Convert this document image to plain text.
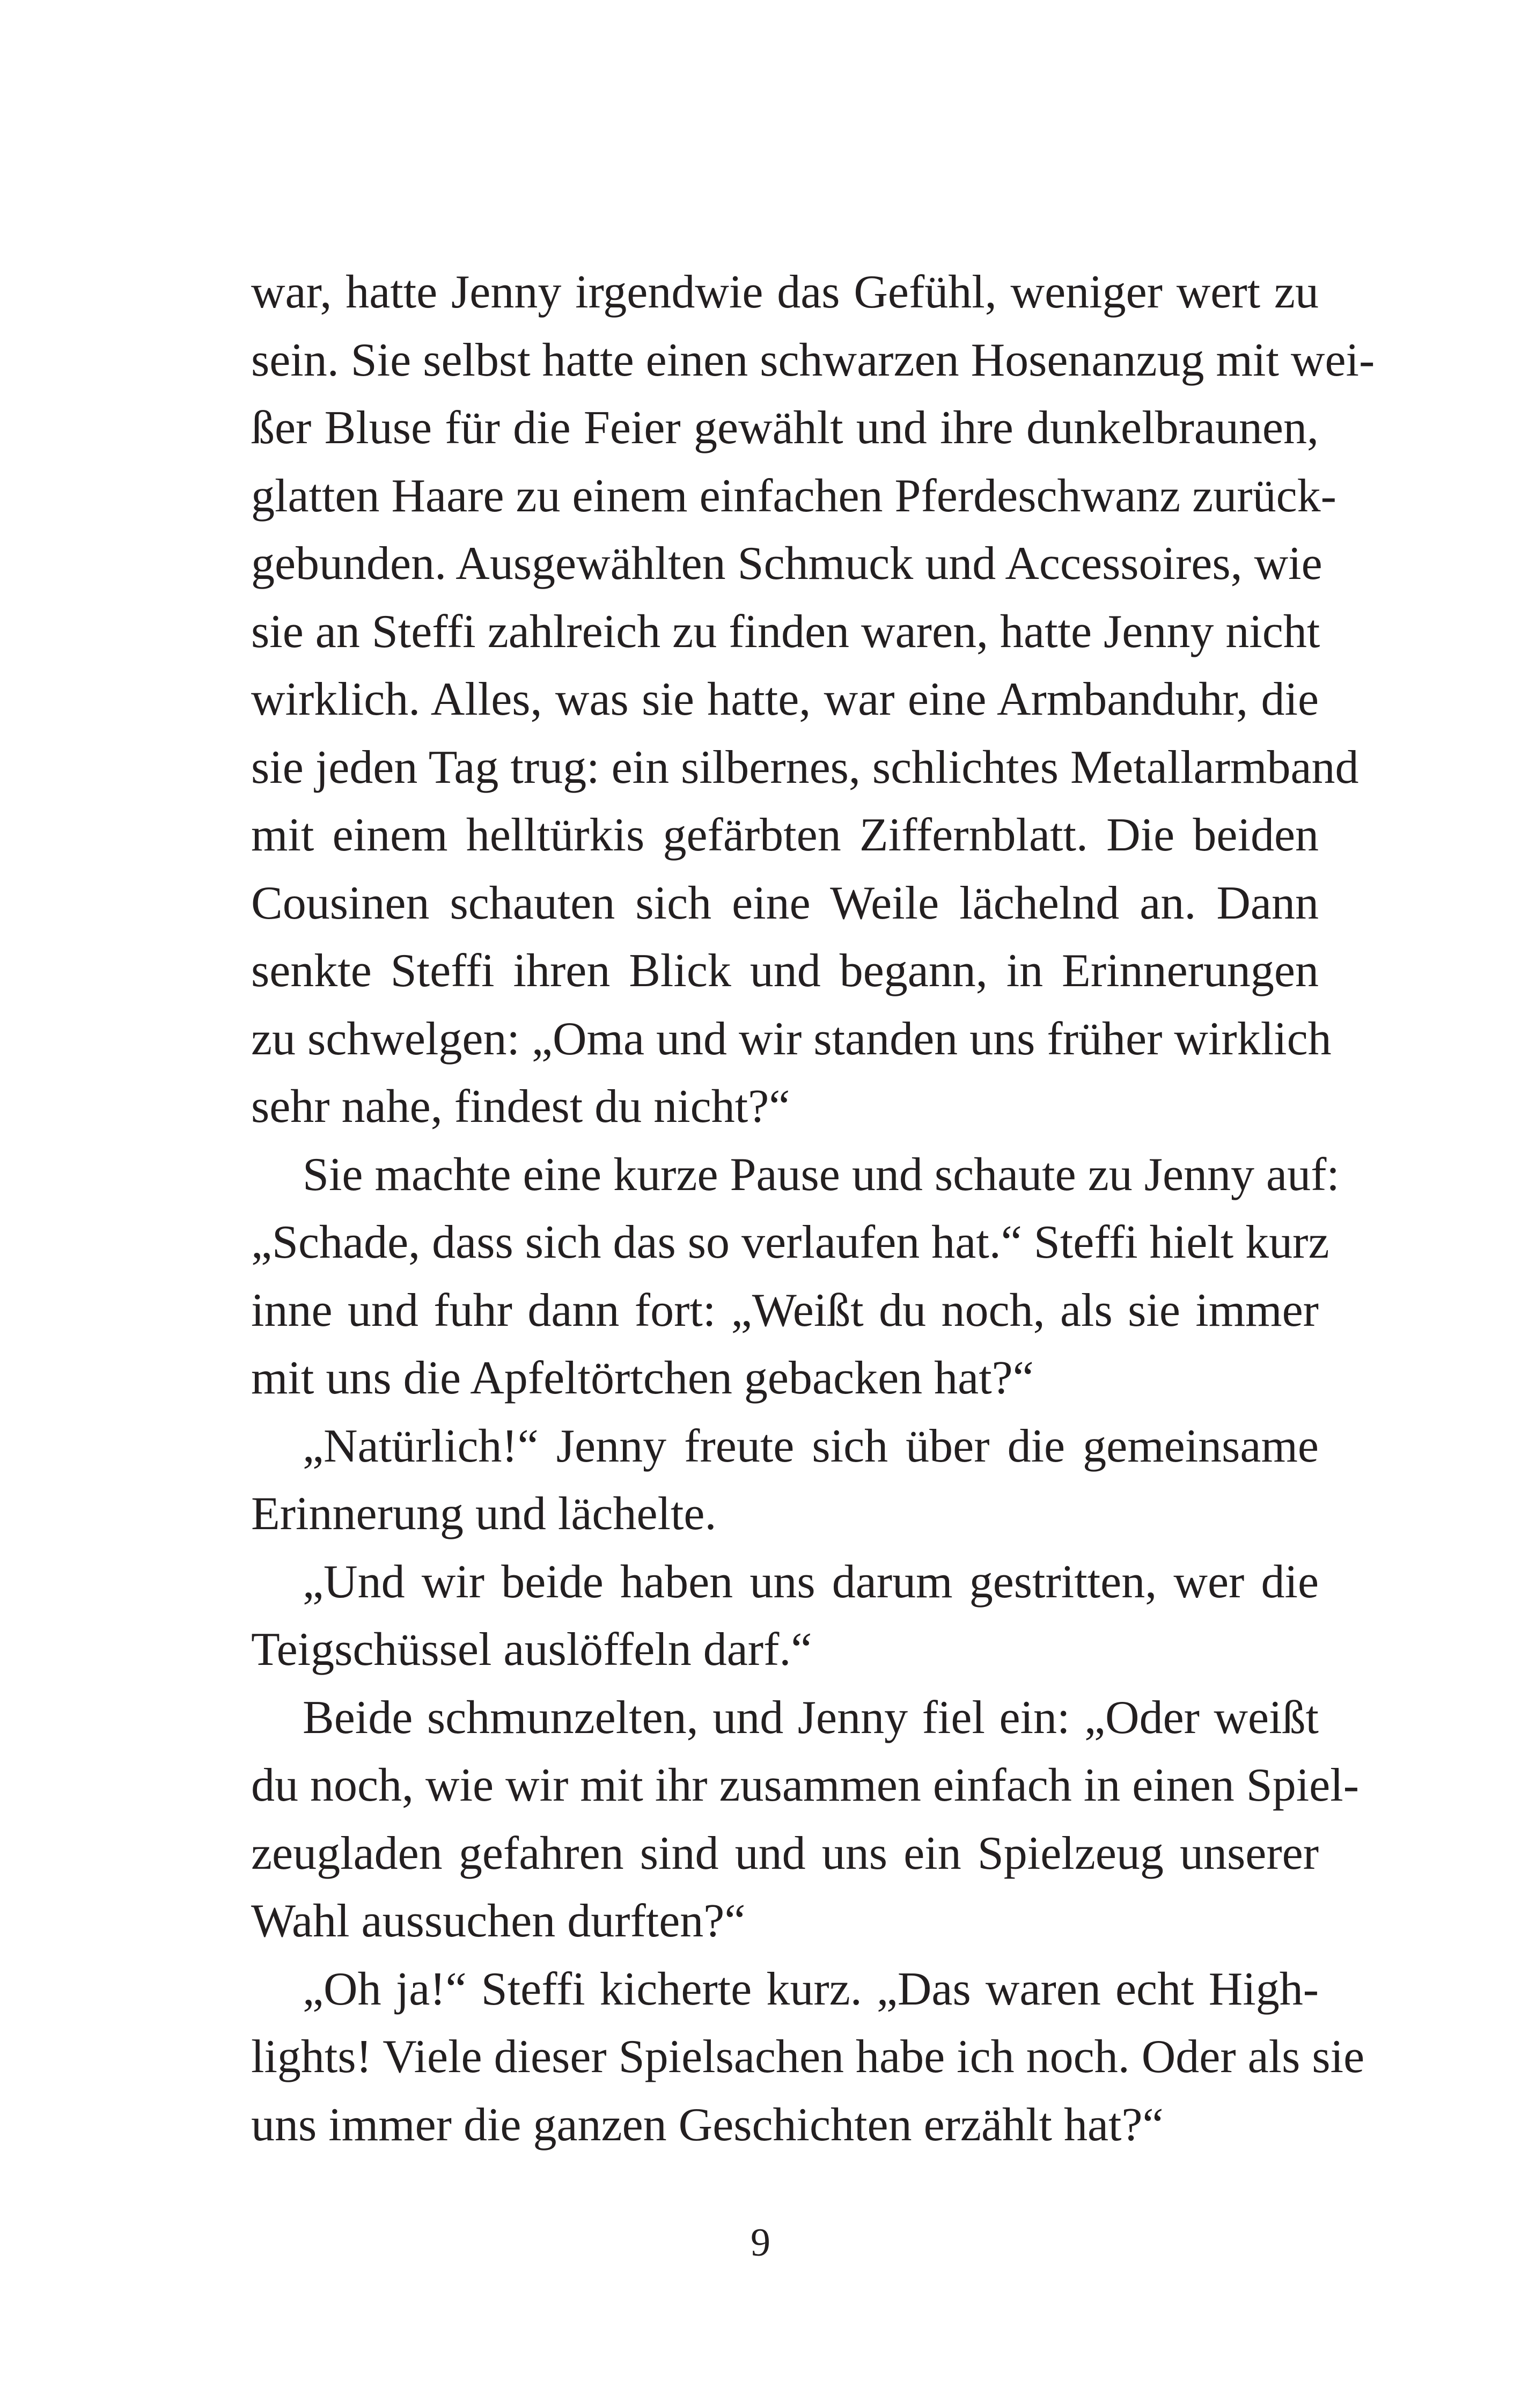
war, hatte Jenny irgendwie das Gefühl, weniger wert zu
sein. Sie selbst hatte einen schwarzen Hosenanzug mit wei-
ßer Bluse für die Feier gewählt und ihre dunkelbraunen,
glatten Haare zu einem einfachen Pferdeschwanz zurück-
gebunden. Ausgewählten Schmuck und Accessoires, wie
sie an Steffi zahlreich zu finden waren, hatte Jenny nicht
wirklich. Alles, was sie hatte, war eine Armbanduhr, die
sie jeden Tag trug: ein silbernes, schlichtes Metallarmband
mit einem helltürkis gefärbten Ziffernblatt. Die beiden
Cousinen schauten sich eine Weile lächelnd an. Dann
senkte Steffi ihren Blick und begann, in Erinnerungen
zu schwelgen: „Oma und wir standen uns früher wirklich
sehr nahe, findest du nicht?“
Sie machte eine kurze Pause und schaute zu Jenny auf:
„Schade, dass sich das so verlaufen hat.“ Steffi hielt kurz
inne und fuhr dann fort: „Weißt du noch, als sie immer
mit uns die Apfeltörtchen gebacken hat?“
„Natürlich!“ Jenny freute sich über die gemeinsame
Erinnerung und lächelte.
„Und wir beide haben uns darum gestritten, wer die
Teigschüssel auslöffeln darf.“
Beide schmunzelten, und Jenny fiel ein: „Oder weißt
du noch, wie wir mit ihr zusammen einfach in einen Spiel-
zeugladen gefahren sind und uns ein Spielzeug unserer
Wahl aussuchen durften?“
„Oh ja!“ Steffi kicherte kurz. „Das waren echt High-
lights! Viele dieser Spielsachen habe ich noch. Oder als sie
uns immer die ganzen Geschichten erzählt hat?“
9
